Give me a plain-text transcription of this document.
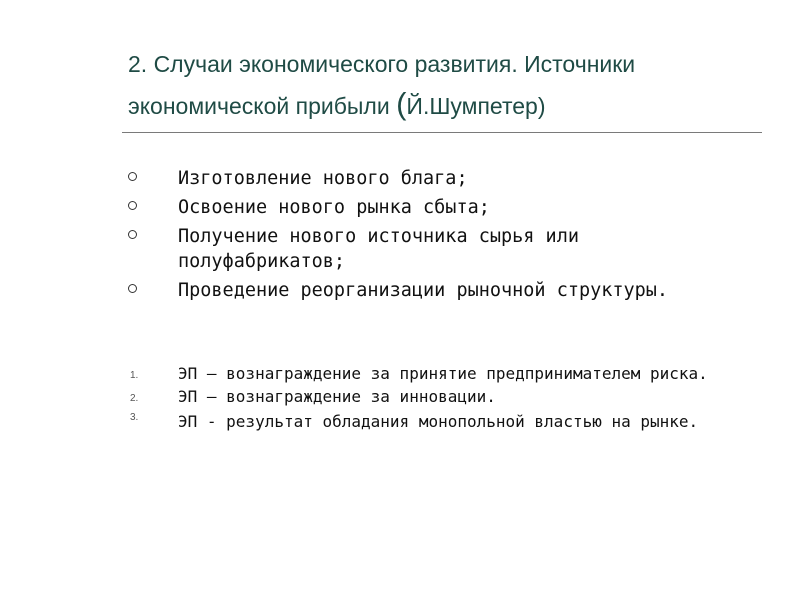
2. Случаи экономического развития. Источники
экономической прибыли (Й.Шумпетер)
Изготовление нового блага;
Освоение нового рынка сбыта;
Получение нового источника сырья или полуфабрикатов;
Проведение реорганизации рыночной структуры.
1. ЭП – вознаграждение за принятие предпринимателем риска.
2. ЭП – вознаграждение за инновации.
3. ЭП - результат обладания монопольной властью на рынке.
